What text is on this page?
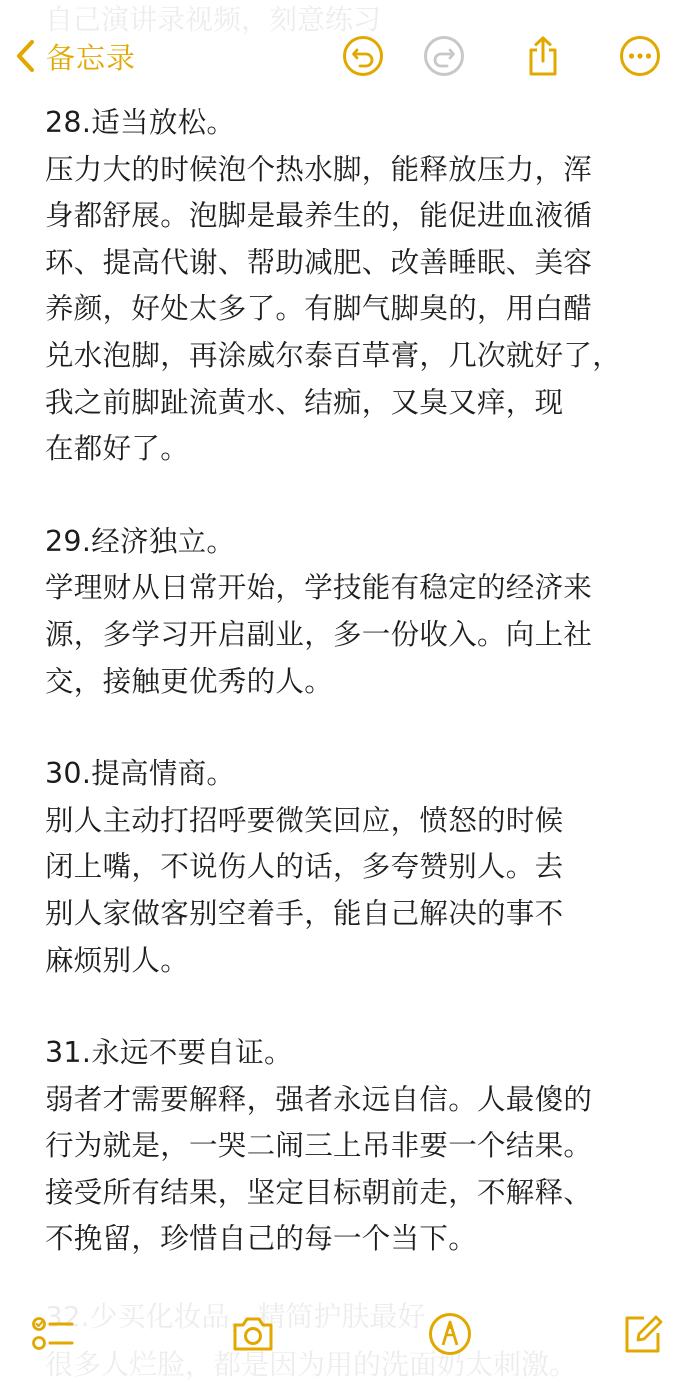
自己演讲录视频，刻意练习
备忘录
28.适当放松。
压力大的时候泡个热水脚，能释放压力，浑
身都舒展。泡脚是最养生的，能促进血液循
环、提高代谢、帮助减肥、改善睡眠、美容
养颜，好处太多了。有脚气脚臭的，用白醋
兑水泡脚，再涂威尔泰百草膏，几次就好了，
我之前脚趾流黄水、结痂，又臭又痒，现
在都好了。
29.经济独立。
学理财从日常开始，学技能有稳定的经济来
源，多学习开启副业，多一份收入。向上社
交，接触更优秀的人。
30.提高情商。
别人主动打招呼要微笑回应，愤怒的时候
闭上嘴，不说伤人的话，多夸赞别人。去
别人家做客别空着手，能自己解决的事不
麻烦别人。
31.永远不要自证。
弱者才需要解释，强者永远自信。人最傻的
行为就是，一哭二闹三上吊非要一个结果。
接受所有结果，坚定目标朝前走，不解释、
不挽留，珍惜自己的每一个当下。
32.少买化妆品，精简护肤最好
很多人烂脸，都是因为用的洗面奶太刺激。
